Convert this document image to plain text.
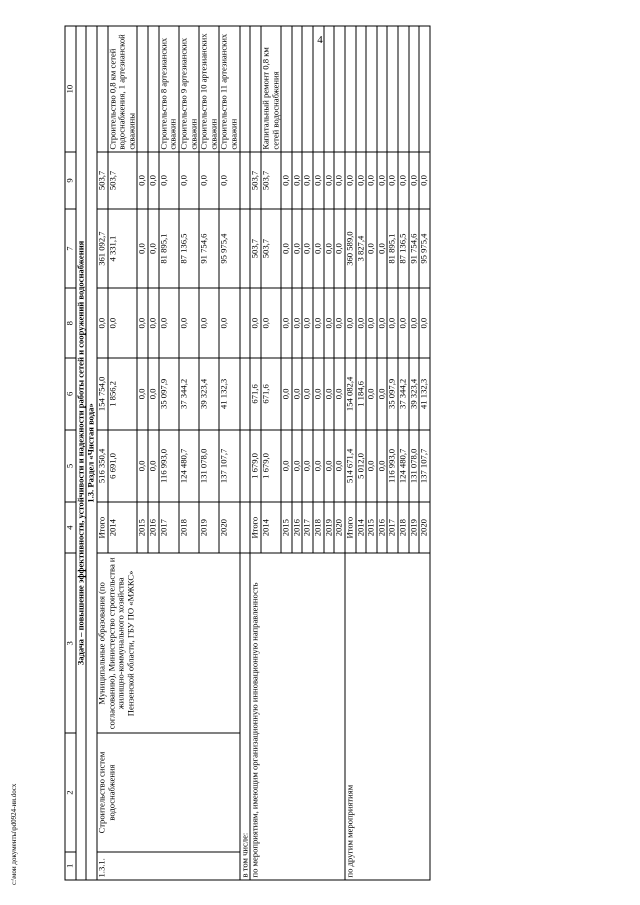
4
1	2	3	4	5	6	8	7	9	10
Задача – повышение эффективности, устойчивости и надежности работы сетей и сооружений водоснабжения									
1.3. Раздел «Чистая вода»									
1.3.1.	Строительство систем водоснабжения	Муниципальные образования (по согласованию), Министерство строительства и жилищно-коммунального хозяйства Пензенской области, ГБУ ПО «МЖКС»	Итого	516 350,4	154 754,0	0,0	361 092,7	503,7	
			2014	6 691,0	1 856,2	0,0	4 331,1	503,7	Строительство 0,8 км сетей водоснабжения, 1 артезианской скважины
			2015	0,0	0,0	0,0	0,0	0,0	
			2016	0,0	0,0	0,0	0,0	0,0	
			2017	116 993,0	35 097,9	0,0	81 895,1	0,0	Строительство 8 артезианских скважин
			2018	124 480,7	37 344,2	0,0	87 136,5	0,0	Строительство 9 артезианских скважин
			2019	131 078,0	39 323,4	0,0	91 754,6	0,0	Строительство 10 артезианских скважин
			2020	137 107,7	41 132,3	0,0	95 975,4	0,0	Строительство 11 артезианских скважин
в том числе:									
по мероприятиям, имеющим организационную инновационную направленность			Итого	1 679,0	671,6	0,0	503,7	503,7	
			2014	1 679,0	671,6	0,0	503,7	503,7	Капитальный ремонт 0,8 км сетей водоснабжения
			2015	0,0	0,0	0,0	0,0	0,0	
			2016	0,0	0,0	0,0	0,0	0,0	
			2017	0,0	0,0	0,0	0,0	0,0	
			2018	0,0	0,0	0,0	0,0	0,0	
			2019	0,0	0,0	0,0	0,0	0,0	
			2020	0,0	0,0	0,0	0,0	0,0	
по другим мероприятиям			Итого	514 671,4	154 082,4	0,0	360 589,0	0,0	
			2014	5 012,0	1 184,6	0,0	3 827,4	0,0	
			2015	0,0	0,0	0,0	0,0	0,0	
			2016	0,0	0,0	0,0	0,0	0,0	
			2017	116 993,0	35 097,9	0,0	81 895,1	0,0	
			2018	124 480,7	37 344,2	0,0	87 136,5	0,0	
			2019	131 078,0	39 323,4	0,0	91 754,6	0,0	
			2020	137 107,7	41 132,3	0,0	95 975,4	0,0	
c:\мои документы\pd0924-ии.docx
